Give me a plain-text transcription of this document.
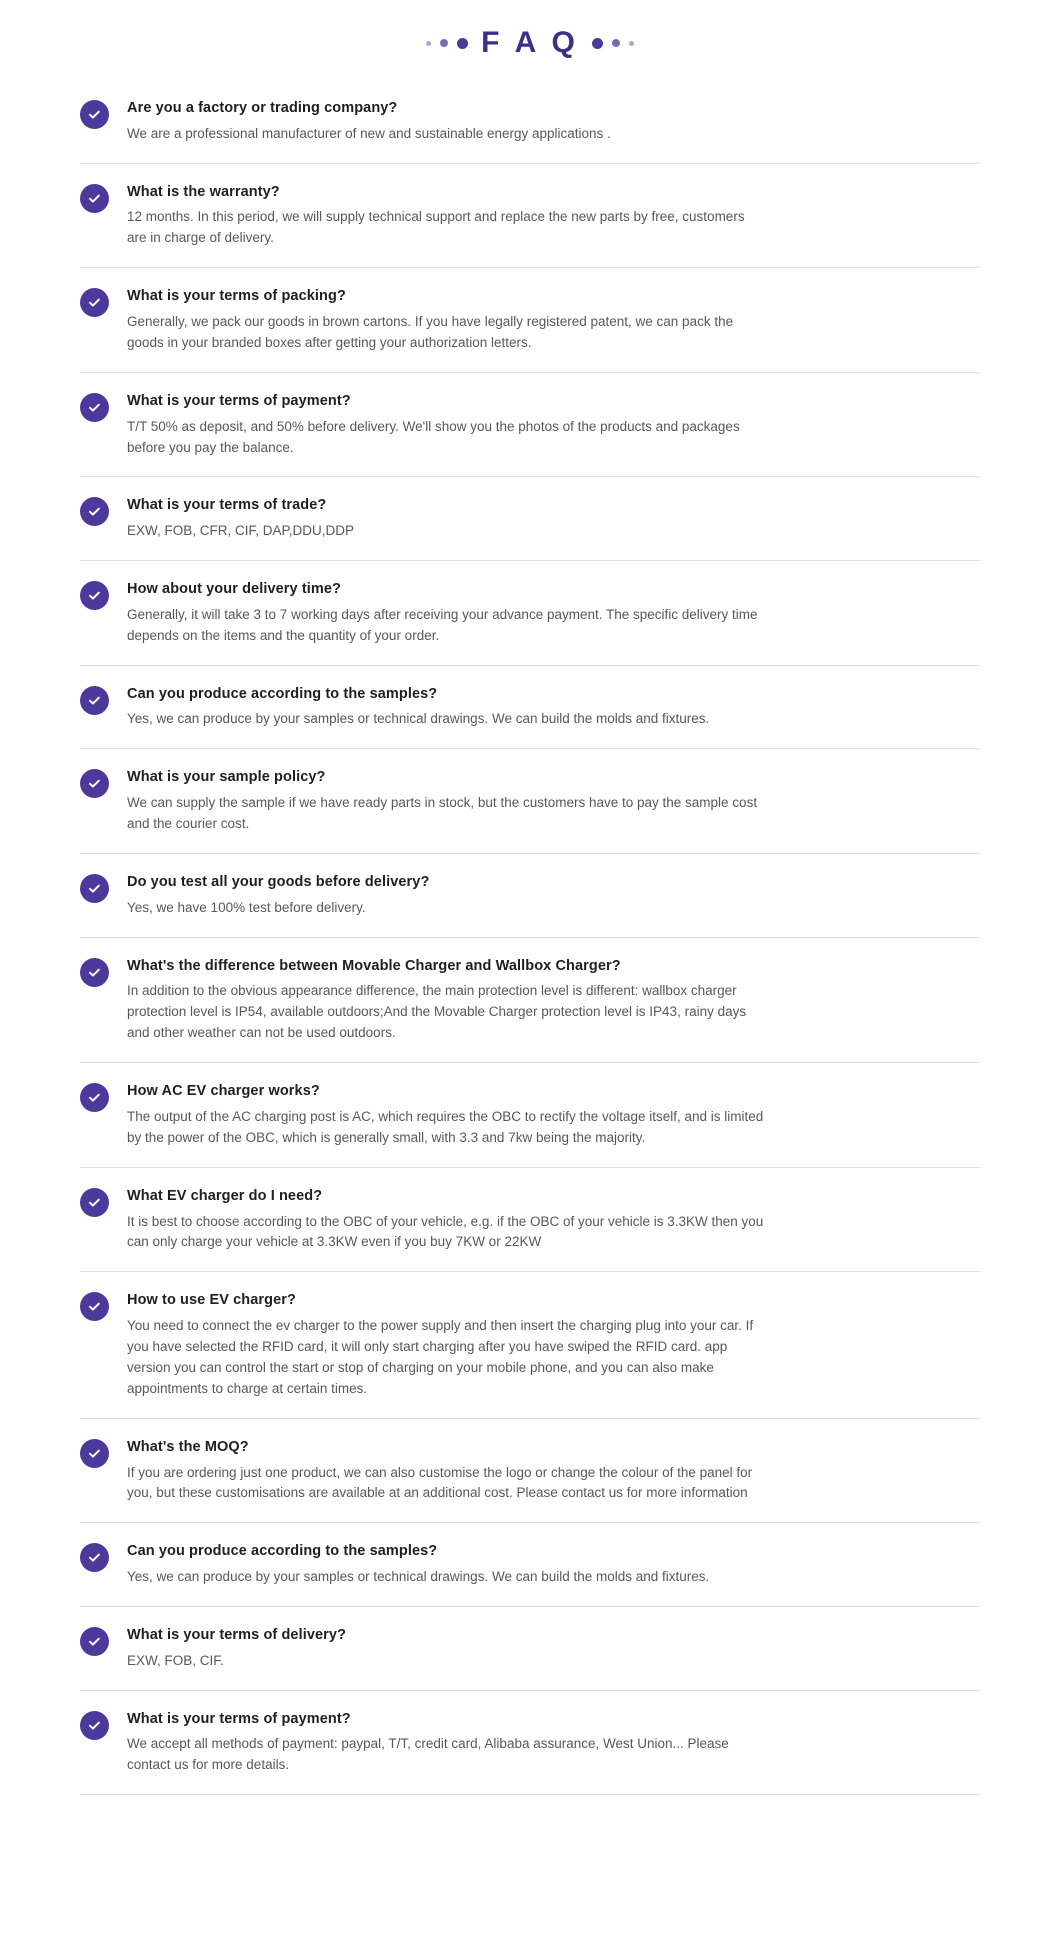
F A Q

Are you a factory or trading company?

We are a professional manufacturer of new and sustainable energy applications .

What is the warranty?

12 months. In this period, we will supply technical support and replace the new parts by free, customers are in charge of delivery.

What is your terms of packing?

Generally, we pack our goods in brown cartons. If you have legally registered patent, we can pack the goods in your branded boxes after getting your authorization letters.

What is your terms of payment?

T/T 50% as deposit, and 50% before delivery. We'll show you the photos of the products and packages before you pay the balance.

What is your terms of trade?

EXW, FOB, CFR, CIF, DAP,DDU,DDP

How about your delivery time?

Generally, it will take 3 to 7 working days after receiving your advance payment. The specific delivery time depends on the items and the quantity of your order.

Can you produce according to the samples?

Yes, we can produce by your samples or technical drawings. We can build the molds and fixtures.

What is your sample policy?

We can supply the sample if we have ready parts in stock, but the customers have to pay the sample cost and the courier cost.

Do you test all your goods before delivery?

Yes, we have 100% test before delivery.

What's the difference between Movable Charger and Wallbox Charger?

In addition to the obvious appearance difference, the main protection level is different: wallbox charger protection level is IP54, available outdoors;And the Movable Charger protection level is IP43, rainy days and other weather can not be used outdoors.

How AC EV charger works?

The output of the AC charging post is AC, which requires the OBC to rectify the voltage itself, and is limited by the power of the OBC, which is generally small, with 3.3 and 7kw being the majority.

What EV charger do I need?

It is best to choose according to the OBC of your vehicle, e.g. if the OBC of your vehicle is 3.3KW then you can only charge your vehicle at 3.3KW even if you buy 7KW or 22KW

How to use EV charger?

You need to connect the ev charger to the power supply and then insert the charging plug into your car. If you have selected the RFID card, it will only start charging after you have swiped the RFID card. app version you can control the start or stop of charging on your mobile phone, and you can also make appointments to charge at certain times.

What's the MOQ?

If you are ordering just one product, we can also customise the logo or change the colour of the panel for you, but these customisations are available at an additional cost. Please contact us for more information

Can you produce according to the samples?

Yes, we can produce by your samples or technical drawings. We can build the molds and fixtures.

What is your terms of delivery?

EXW, FOB, CIF.

What is your terms of payment?

We accept all methods of payment: paypal, T/T, credit card, Alibaba assurance, West Union... Please contact us for more details.
